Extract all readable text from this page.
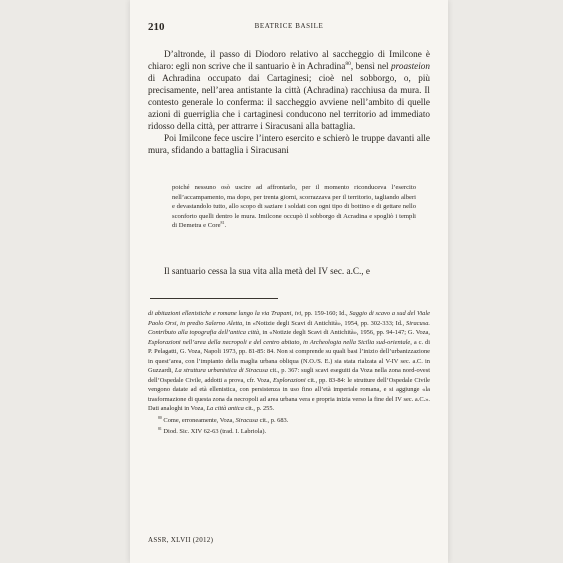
210	BEATRICE BASILE

D’altronde, il passo di Diodoro relativo al saccheggio di Imilcone è chiaro: egli non scrive che il santuario è in Achradina$^{80}$, bensì nel proasteion di Achradina occupato dai Cartaginesi; cioè nel sobborgo, o, più precisamente, nell’area antistante la città (Achradina) racchiusa da mura. Il contesto generale lo conferma: il saccheggio avviene nell’ambito di quelle azioni di guerriglia che i cartaginesi conducono nel territorio ad immediato ridosso della città, per attrarre i Siracusani alla battaglia.

Poi Imilcone fece uscire l’intero esercito e schierò le truppe davanti alle mura, sfidando a battaglia i Siracusani

poiché nessuno osò uscire ad affrontarlo, per il momento riconduceva l’esercito nell’accampamento, ma dopo, per trenta giorni, scorrazzava per il territorio, tagliando alberi e devastandolo tutto, allo scopo di saziare i soldati con ogni tipo di bottino e di gettare nello sconforto quelli dentro le mura. Imilcone occupò il sobborgo di Acradina e spogliò i templi di Demetra e Core$^{81}$.

Il santuario cessa la sua vita alla metà del IV sec. a.C., e

di abitazioni ellenistiche e romane lungo la via Trapani, ivi, pp. 159-160; Id., Saggio di scavo a sud del Viale Paolo Orsi, in predio Salerno Aletta, in «Notizie degli Scavi di Antichità», 1954, pp. 302-333; Id., Siracusa. Contributo alla topografia dell’antica città, in «Notizie degli Scavi di Antichità», 1956, pp. 94-147; G. Voza, Esplorazioni nell’area della necropoli e del centro abitato, in Archeologia nella Sicilia sud-orientale, a c. di P. Pelagatti, G. Voza, Napoli 1973, pp. 81-85: 84. Non si comprende su quali basi l’inizio dell’urbanizzazione in quest’area, con l’impianto della maglia urbana obliqua (N.O./S. E.) sia stata rialzata al V-IV sec. a.C. in Guzzardi, La struttura urbanistica di Siracusa cit., p. 367: sugli scavi eseguiti da Voza nella zona nord-ovest dell’Ospedale Civile, addotti a prova, cfr. Voza, Esplorazioni cit., pp. 83-84: le strutture dell’Ospedale Civile vengono datate ad età ellenistica, con persistenza in uso fino all’età imperiale romana, e si aggiunge «la trasformazione di questa zona da necropoli ad area urbana vera e propria inizia verso la fine del IV sec. a.C.». Dati analoghi in Voza, La città antica cit., p. 255.

$^{80}$ Come, erroneamente, Voza, Siracusa cit., p. 683.

$^{81}$ Diod. Sic. XIV 62-63 (trad. I. Labriola).

ASSR, XLVII (2012)
